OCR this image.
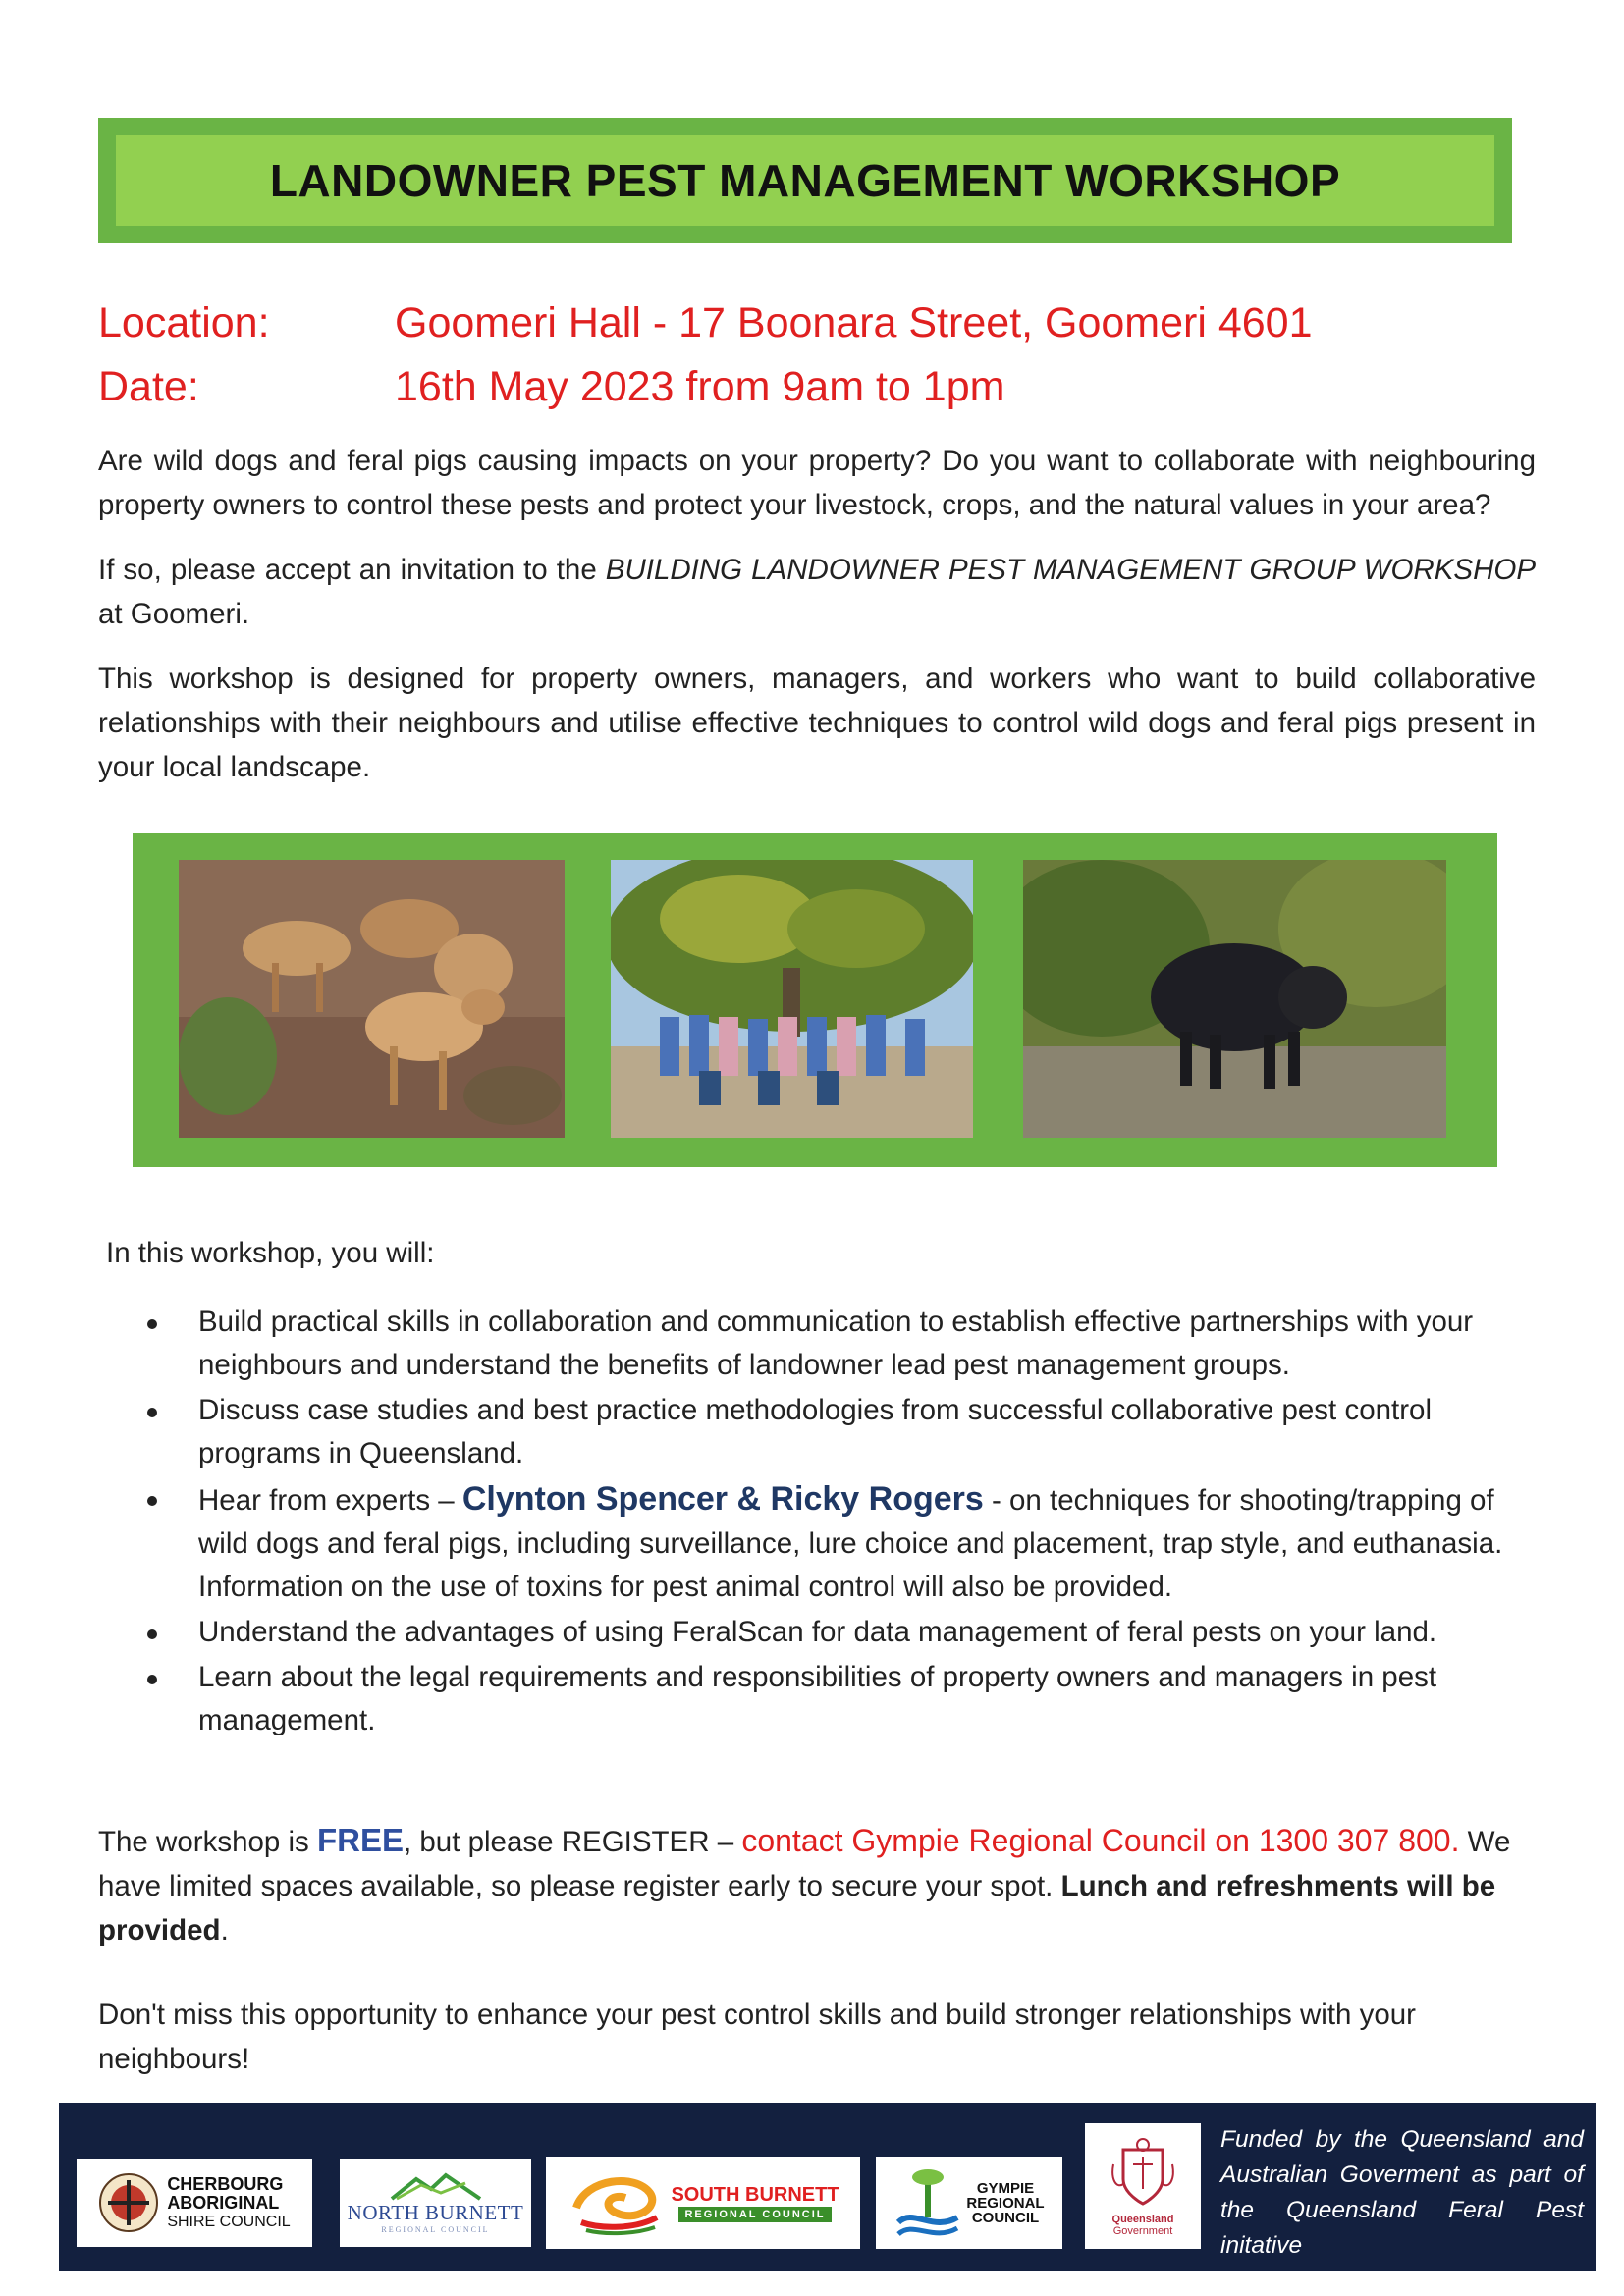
LANDOWNER PEST MANAGEMENT WORKSHOP
Location:	Goomeri Hall - 17 Boonara Street, Goomeri 4601
Date:	16th May 2023 from 9am to 1pm

Are wild dogs and feral pigs causing impacts on your property? Do you want to collaborate with neighbouring property owners to control these pests and protect your livestock, crops, and the natural values in your area?

If so, please accept an invitation to the BUILDING LANDOWNER PEST MANAGEMENT GROUP WORKSHOP at Goomeri.

This workshop is designed for property owners, managers, and workers who want to build collaborative relationships with their neighbours and utilise effective techniques to control wild dogs and feral pigs present in your local landscape.

In this workshop, you will:
Build practical skills in collaboration and communication to establish effective partnerships with your neighbours and understand the benefits of landowner lead pest management groups.
Discuss case studies and best practice methodologies from successful collaborative pest control programs in Queensland.
Hear from experts – Clynton Spencer & Ricky Rogers - on techniques for shooting/trapping of wild dogs and feral pigs, including surveillance, lure choice and placement, trap style, and euthanasia. Information on the use of toxins for pest animal control will also be provided.
Understand the advantages of using FeralScan for data management of feral pests on your land.
Learn about the legal requirements and responsibilities of property owners and managers in pest management.

The workshop is FREE, but please REGISTER – contact Gympie Regional Council on 1300 307 800. We have limited spaces available, so please register early to secure your spot. Lunch and refreshments will be provided.

Don't miss this opportunity to enhance your pest control skills and build stronger relationships with your neighbours!

CHERBOURG
ABORIGINAL
SHIRE COUNCIL	NORTH BURNETT
REGIONAL COUNCIL
SOUTH BURNETT
REGIONAL COUNCIL
GYMPIE
REGIONAL
COUNCIL	Queensland
Government
Funded by the Queensland and Australian Goverment as part of the Queensland Feral Pest initative
